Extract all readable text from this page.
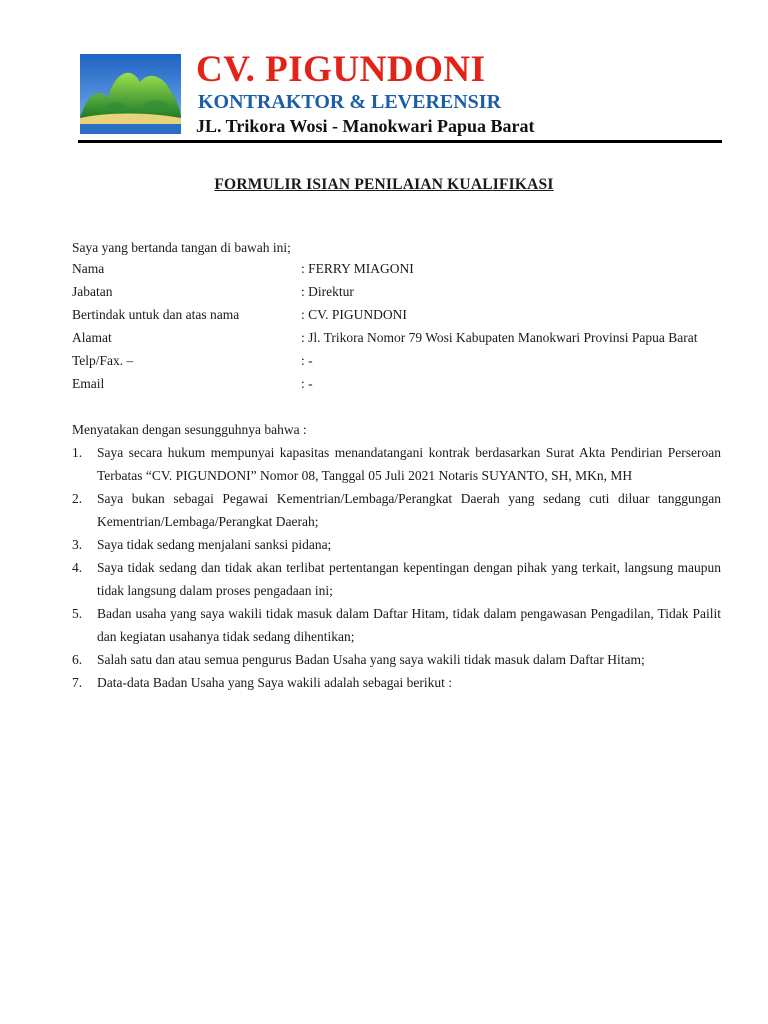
CV. PIGUNDONI
KONTRAKTOR & LEVERENSIR
JL. Trikora Wosi - Manokwari Papua Barat
FORMULIR ISIAN PENILAIAN KUALIFIKASI
Saya yang bertanda tangan di bawah ini;
Nama	: FERRY MIAGONI
Jabatan	: Direktur
Bertindak untuk dan atas nama	: CV. PIGUNDONI
Alamat	: Jl. Trikora Nomor 79 Wosi Kabupaten Manokwari Provinsi Papua Barat
Telp/Fax. –	: -
Email	: -
Menyatakan dengan sesungguhnya bahwa :
1. Saya secara hukum mempunyai kapasitas menandatangani kontrak berdasarkan Surat Akta Pendirian Perseroan Terbatas “CV. PIGUNDONI” Nomor 08, Tanggal 05 Juli 2021 Notaris SUYANTO, SH, MKn, MH
2. Saya bukan sebagai Pegawai Kementrian/Lembaga/Perangkat Daerah yang sedang cuti diluar tanggungan Kementrian/Lembaga/Perangkat Daerah;
3. Saya tidak sedang menjalani sanksi pidana;
4. Saya tidak sedang dan tidak akan terlibat pertentangan kepentingan dengan pihak yang terkait, langsung maupun tidak langsung dalam proses pengadaan ini;
5. Badan usaha yang saya wakili tidak masuk dalam Daftar Hitam, tidak dalam pengawasan Pengadilan, Tidak Pailit dan kegiatan usahanya tidak sedang dihentikan;
6. Salah satu dan atau semua pengurus Badan Usaha yang saya wakili tidak masuk dalam Daftar Hitam;
7. Data-data Badan Usaha yang Saya wakili adalah sebagai berikut :
